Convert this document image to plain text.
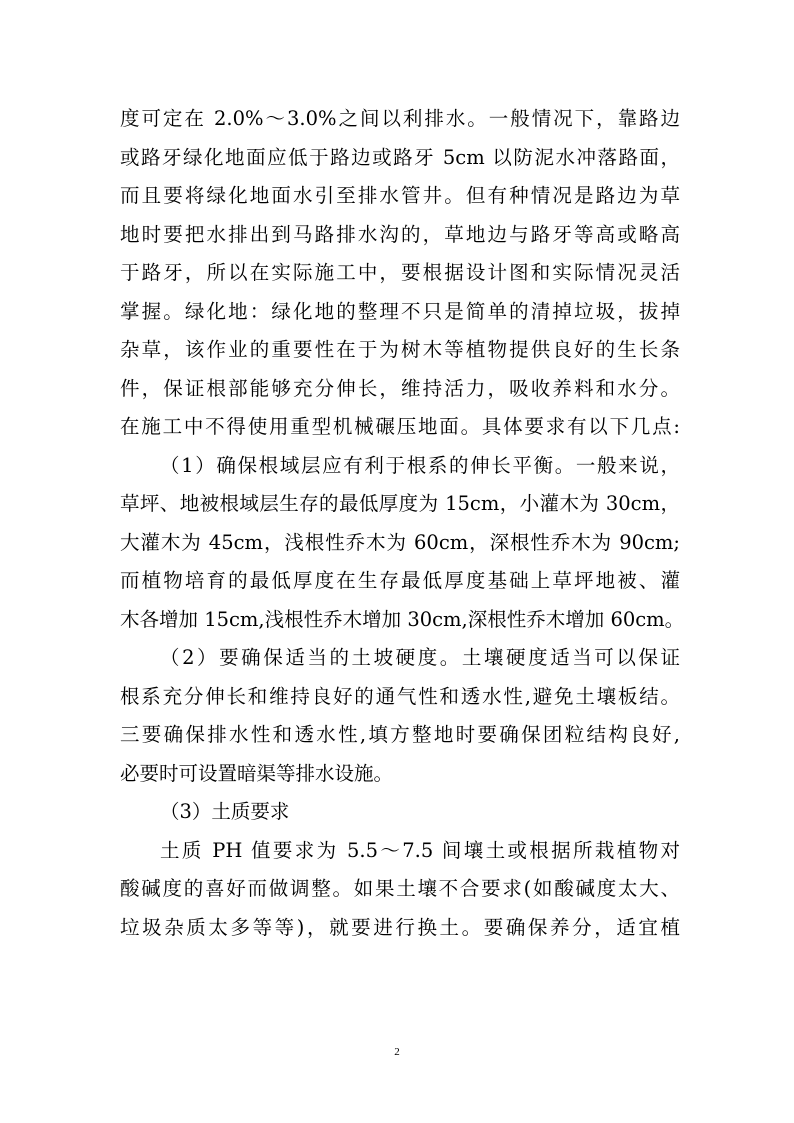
度可定在 2.0%～3.0%之间以利排水。一般情况下，靠路边
或路牙绿化地面应低于路边或路牙 5cm 以防泥水冲落路面，
而且要将绿化地面水引至排水管井。但有种情况是路边为草
地时要把水排出到马路排水沟的，草地边与路牙等高或略高
于路牙，所以在实际施工中，要根据设计图和实际情况灵活
掌握。绿化地：绿化地的整理不只是简单的清掉垃圾，拔掉
杂草，该作业的重要性在于为树木等植物提供良好的生长条
件，保证根部能够充分伸长，维持活力，吸收养料和水分。
在施工中不得使用重型机械碾压地面。具体要求有以下几点:
（1）确保根域层应有利于根系的伸长平衡。一般来说，
草坪、地被根域层生存的最低厚度为 15cm，小灌木为 30cm，
大灌木为 45cm，浅根性乔木为 60cm，深根性乔木为 90cm;
而植物培育的最低厚度在生存最低厚度基础上草坪地被、灌
木各增加 15cm,浅根性乔木增加 30cm,深根性乔木增加 60cm。
（2）要确保适当的土坡硬度。土壤硬度适当可以保证
根系充分伸长和维持良好的通气性和透水性,避免土壤板结。
三要确保排水性和透水性,填方整地时要确保团粒结构良好,
必要时可设置暗渠等排水设施。
（3）土质要求
土质 PH 值要求为 5.5～7.5 间壤土或根据所栽植物对
酸碱度的喜好而做调整。如果土壤不合要求(如酸碱度太大、
垃圾杂质太多等等)，就要进行换土。要确保养分，适宜植
2
